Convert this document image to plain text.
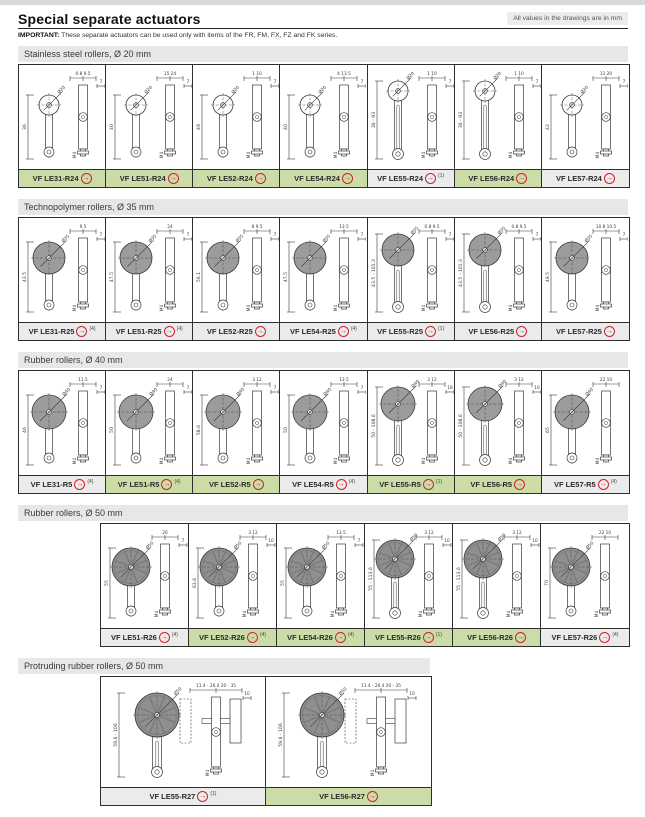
Special separate actuators	All values in the drawings are in mm

IMPORTANT: These separate actuators can be used only with items of the FR, FM, FX, FZ and FK series.

Stainless steel rollers, Ø 20 mm
36
Ø20
0.8 9.5
7
M4
VF LE31-R24 →
40
Ø20
15 24
7
M4
VF LE51-R24 →
49
Ø20
1 10
7
M4
VF LE52-R24 →
40
Ø20
4 13.5
7
M4
VF LE54-R24 →
36 - 93
Ø20	1 10
7
M4
VF LE55-R24 → (1)
36 - 93
Ø20	1 10
7
M4
VF LE56-R24 →
42
Ø20
11 20
7
M4
VF LE57-R24 →
Technopolymer rollers, Ø 35 mm
43.5
Ø35
9.5
7
M4
VF LE31-R25 → (4)
47.5
Ø35
24
7
M4
VF LE51-R25 → (4)
56.1
Ø35
8 9.5
7
M4
VF LE52-R25 →
47.5
Ø35
13.5
7
M4
VF LE54-R25 → (4)
43.5 - 101.3
Ø35 0.8 9.5
7
M4
VF LE55-R25 → (1)
43.5 - 101.3
Ø35 0.8 9.5
7
M4
VF LE56-R25 →
49.5
Ø35
10.8 10.5
7
M4
VF LE57-R25 →
Rubber rollers, Ø 40 mm
46
Ø40
11.5
7
M4
VF LE31-R5 → (4)
50
Ø40
24
7
M4
VF LE51-R5 → (4)
58.6
Ø40
3 12
7
M4
VF LE52-R5 →
50
Ø40
13.5
7
M4
VF LE54-R5 → (4)
50 - 108.6
Ø40 3 12
18
M4
VF LE55-R5 → (1)
50 - 108.6
Ø40 3 12
10
M4
VF LE56-R5 →
65
Ø40
22 10
M4
VF LE57-R5 → (4)
Rubber rollers, Ø 50 mm
55
Ø50
26
7
M4
VF LE51-R26 → (4)
63.6
Ø50
3 12
10
M4
VF LE52-R26 → (4)
55
Ø50
13.5
7
M4
VF LE54-R26 → (4)
55 - 113.6
Ø50 3 12
10
M4
VF LE55-R26 → (1)
55 - 113.6
Ø50 3 12
10
M4
VF LE56-R26 →
70
Ø50
22 10
M4
VF LE57-R26 → (4)
Protruding rubber rollers, Ø 50 mm
59.6 - 106
Ø50
11.4 - 26.4 20 - 35
10
M4
VF LE55-R27 → (1)
59.6 - 106
Ø50
11.4 - 26.4 20 - 35
10
M4
VF LE56-R27 →
